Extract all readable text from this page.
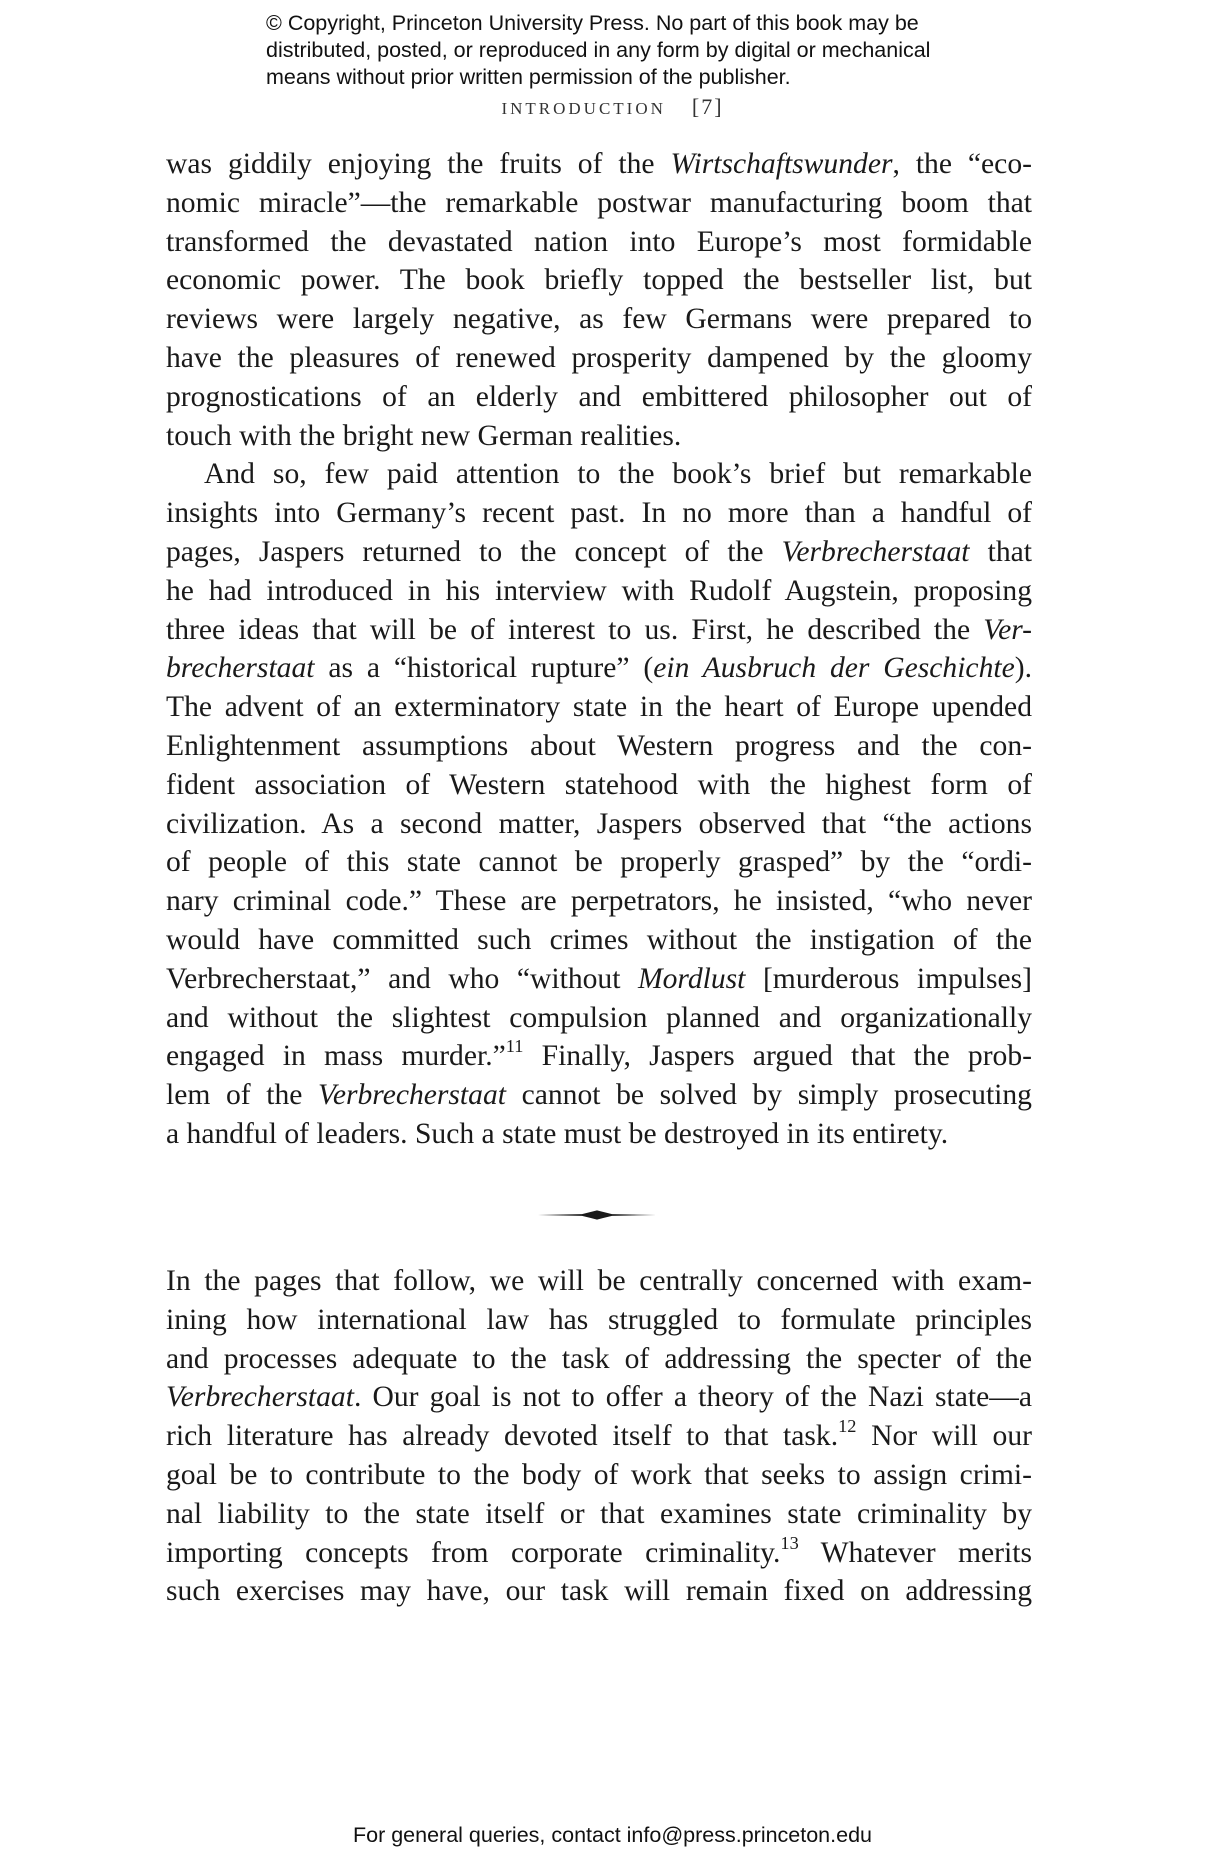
© Copyright, Princeton University Press. No part of this book may be
distributed, posted, or reproduced in any form by digital or mechanical
means without prior written permission of the publisher.
INTRODUCTION [7]
was giddily enjoying the fruits of the Wirtschaftswunder, the “eco-
nomic miracle”—the remarkable postwar manufacturing boom that
transformed the devastated nation into Europe’s most formidable
economic power. The book briefly topped the bestseller list, but
reviews were largely negative, as few Germans were prepared to
have the pleasures of renewed prosperity dampened by the gloomy
prognostications of an elderly and embittered philosopher out of
touch with the bright new German realities.
And so, few paid attention to the book’s brief but remarkable
insights into Germany’s recent past. In no more than a handful of
pages, Jaspers returned to the concept of the Verbrecherstaat that
he had introduced in his interview with Rudolf Augstein, proposing
three ideas that will be of interest to us. First, he described the Ver-
brecherstaat as a “historical rupture” (ein Ausbruch der Geschichte).
The advent of an exterminatory state in the heart of Europe upended
Enlightenment assumptions about Western progress and the con-
fident association of Western statehood with the highest form of
civilization. As a second matter, Jaspers observed that “the actions
of people of this state cannot be properly grasped” by the “ordi-
nary criminal code.” These are perpetrators, he insisted, “who never
would have committed such crimes without the instigation of the
Verbrecherstaat,” and who “without Mordlust [murderous impulses]
and without the slightest compulsion planned and organizationally
engaged in mass murder.”$^{11}$ Finally, Jaspers argued that the prob-
lem of the Verbrecherstaat cannot be solved by simply prosecuting
a handful of leaders. Such a state must be destroyed in its entirety.
In the pages that follow, we will be centrally concerned with exam-
ining how international law has struggled to formulate principles
and processes adequate to the task of addressing the specter of the
Verbrecherstaat. Our goal is not to offer a theory of the Nazi state—a
rich literature has already devoted itself to that task.$^{12}$ Nor will our
goal be to contribute to the body of work that seeks to assign crimi-
nal liability to the state itself or that examines state criminality by
importing concepts from corporate criminality.$^{13}$ Whatever merits
such exercises may have, our task will remain fixed on addressing
For general queries, contact info@press.princeton.edu
